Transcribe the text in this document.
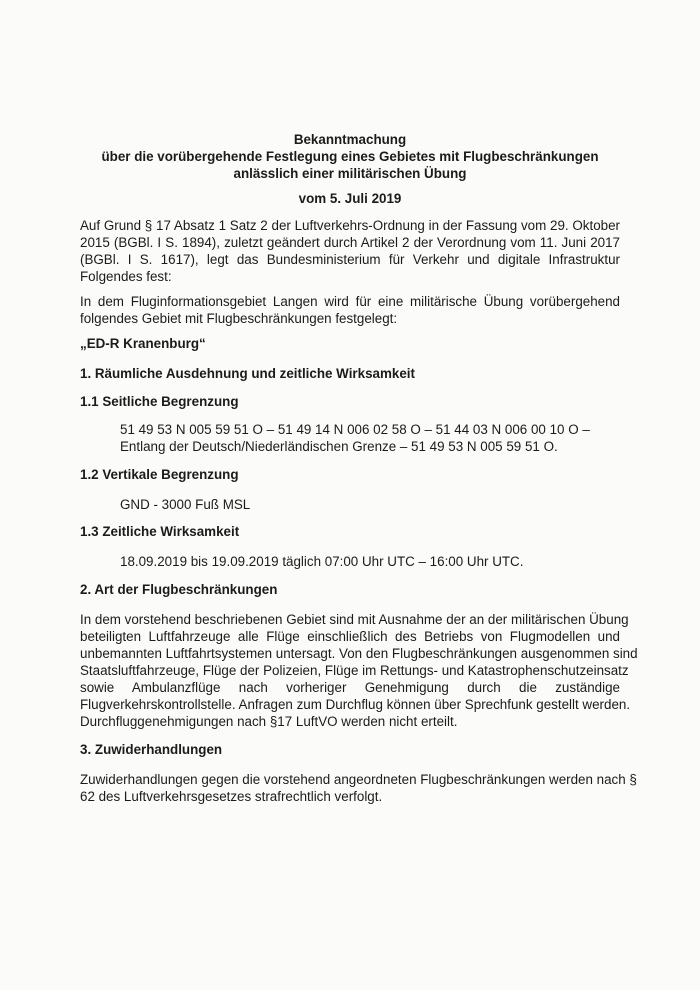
Bekanntmachung
über die vorübergehende Festlegung eines Gebietes mit Flugbeschränkungen
anlässlich einer militärischen Übung
vom 5. Juli 2019
Auf Grund § 17 Absatz 1 Satz 2 der Luftverkehrs-Ordnung in der Fassung vom 29. Oktober
2015 (BGBl. I S. 1894), zuletzt geändert durch Artikel 2 der Verordnung vom 11. Juni 2017
(BGBl. I S. 1617), legt das Bundesministerium für Verkehr und digitale Infrastruktur
Folgendes fest:
In dem Fluginformationsgebiet Langen wird für eine militärische Übung vorübergehend
folgendes Gebiet mit Flugbeschränkungen festgelegt:
„ED-R Kranenburg“
1. Räumliche Ausdehnung und zeitliche Wirksamkeit
1.1 Seitliche Begrenzung
51 49 53 N 005 59 51 O – 51 49 14 N 006 02 58 O – 51 44 03 N 006 00 10 O –
Entlang der Deutsch/Niederländischen Grenze – 51 49 53 N 005 59 51 O.
1.2 Vertikale Begrenzung
GND - 3000 Fuß MSL
1.3 Zeitliche Wirksamkeit
18.09.2019 bis 19.09.2019 täglich 07:00 Uhr UTC – 16:00 Uhr UTC.
2. Art der Flugbeschränkungen
In dem vorstehend beschriebenen Gebiet sind mit Ausnahme der an der militärischen Übung
beteiligten Luftfahrzeuge alle Flüge einschließlich des Betriebs von Flugmodellen und
unbemannten Luftfahrtsystemen untersagt. Von den Flugbeschränkungen ausgenommen sind
Staatsluftfahrzeuge, Flüge der Polizeien, Flüge im Rettungs- und Katastrophenschutzeinsatz
sowie Ambulanzflüge nach vorheriger Genehmigung durch die zuständige
Flugverkehrskontrollstelle. Anfragen zum Durchflug können über Sprechfunk gestellt werden.
Durchfluggenehmigungen nach §17 LuftVO werden nicht erteilt.
3. Zuwiderhandlungen
Zuwiderhandlungen gegen die vorstehend angeordneten Flugbeschränkungen werden nach §
62 des Luftverkehrsgesetzes strafrechtlich verfolgt.
